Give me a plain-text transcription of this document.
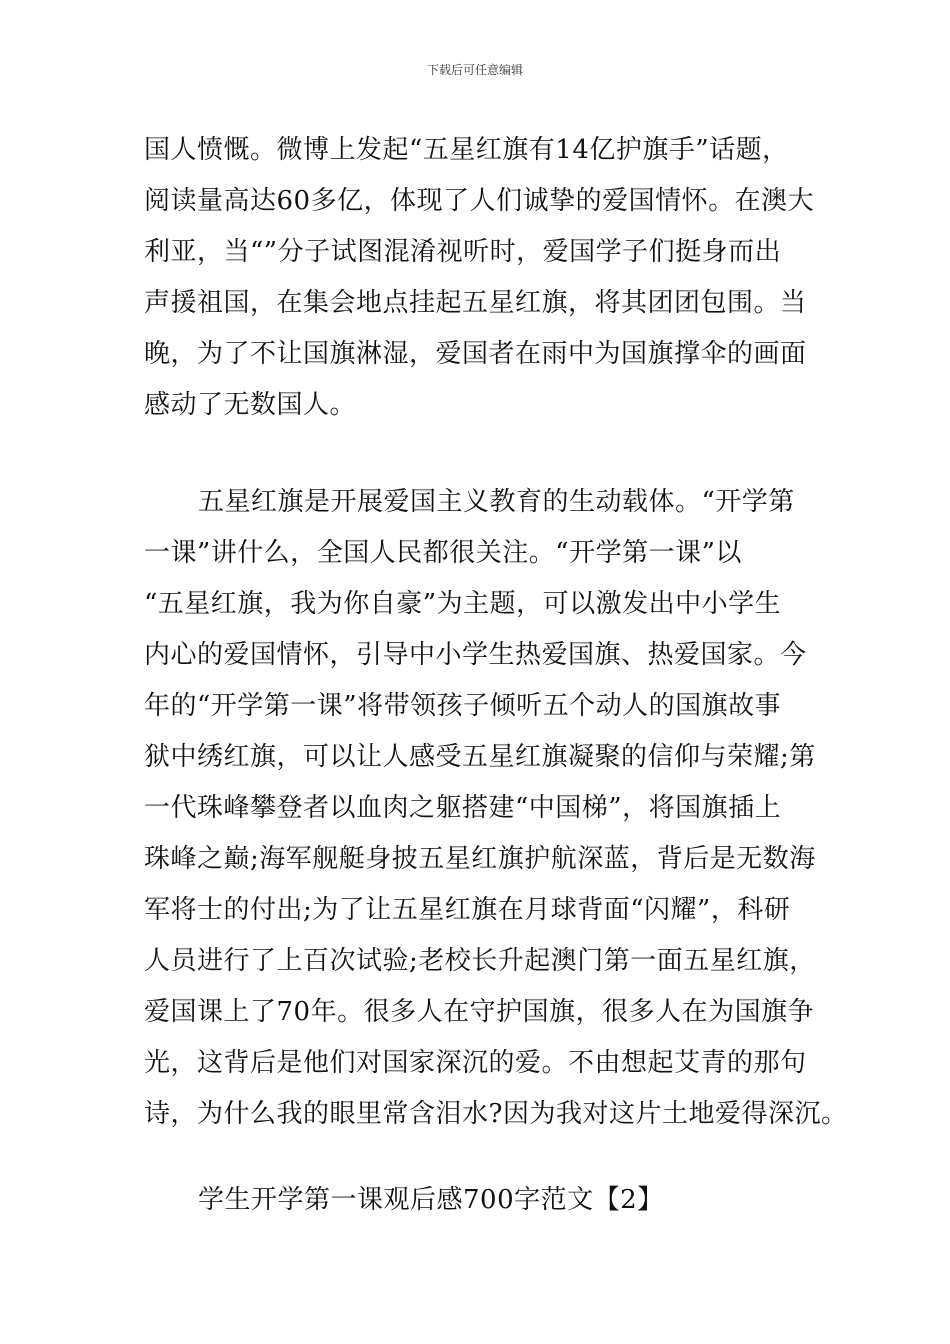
下载后可任意编辑
国人愤慨。微博上发起“五星红旗有14亿护旗手”话题，
阅读量高达60多亿，体现了人们诚挚的爱国情怀。在澳大
利亚，当“”分子试图混淆视听时，爱国学子们挺身而出
声援祖国，在集会地点挂起五星红旗，将其团团包围。当
晚，为了不让国旗淋湿，爱国者在雨中为国旗撑伞的画面
感动了无数国人。
五星红旗是开展爱国主义教育的生动载体。“开学第
一课”讲什么，全国人民都很关注。“开学第一课”以
“五星红旗，我为你自豪”为主题，可以激发出中小学生
内心的爱国情怀，引导中小学生热爱国旗、热爱国家。今
年的“开学第一课”将带领孩子倾听五个动人的国旗故事
狱中绣红旗，可以让人感受五星红旗凝聚的信仰与荣耀;第
一代珠峰攀登者以血肉之躯搭建“中国梯”，将国旗插上
珠峰之巅;海军舰艇身披五星红旗护航深蓝，背后是无数海
军将士的付出;为了让五星红旗在月球背面“闪耀”，科研
人员进行了上百次试验;老校长升起澳门第一面五星红旗，
爱国课上了70年。很多人在守护国旗，很多人在为国旗争
光，这背后是他们对国家深沉的爱。不由想起艾青的那句
诗，为什么我的眼里常含泪水?因为我对这片土地爱得深沉。
学生开学第一课观后感700字范文【2】
